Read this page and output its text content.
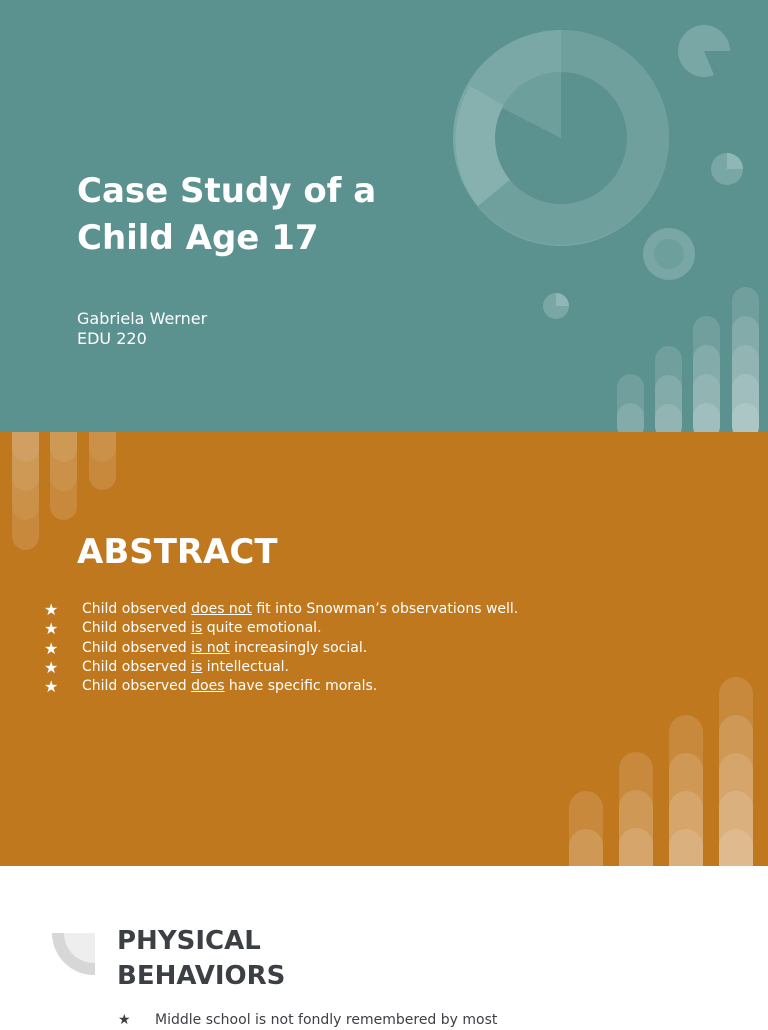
Case Study of a
Child Age 17
Gabriela Werner
EDU 220
ABSTRACT
★ Child observed does not fit into Snowman’s observations well.
★ Child observed is quite emotional.
★ Child observed is not increasingly social.
★ Child observed is intellectual.
★ Child observed does have specific morals.
PHYSICAL
BEHAVIORS
★ Middle school is not fondly remembered by most
